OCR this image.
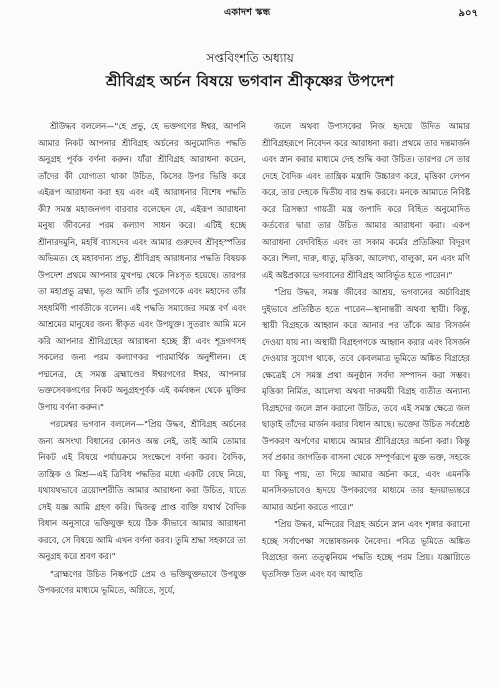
একাদশ স্কন্ধ	৯০৭
সপ্তবিংশতি অধ্যায়
শ্রীবিগ্রহ অর্চন বিষয়ে ভগবান শ্রীকৃষ্ণের উপদেশ

শ্রীউদ্ধব বললেন—"হে প্রভু, হে ভক্তগণের ঈশ্বর, আপনি আমার নিকট আপনার শ্রীবিগ্রহ অর্চনের অনুমোদিত পদ্ধতি অনুগ্রহ পূর্বক বর্ণনা করুন। যাঁরা শ্রীবিগ্রহ আরাধনা করেন, তাঁদের কী যোগ্যতা থাকা উচিত, কিসের উপর ভিত্তি করে এইরূপ আরাধনা করা হয় এবং এই আরাধনার বিশেষ পদ্ধতি কী? সমস্ত মহাজনগণ বারবার বলেছেন যে, এইরূপ আরাধনা মনুষ্য জীবনের পরম কল্যাণ সাধন করে। এটিই হচ্ছে শ্রীনারদমুনি, মহর্ষি ব্যাসদেব এবং আমার গুরুদেব শ্রীবৃহস্পতির অভিমত। হে মহাবদান্য প্রভু, শ্রীবিগ্রহ আরাধনার পদ্ধতি বিষয়ক উপদেশ প্রথমে আপনার মুখপদ্ম থেকে নিঃসৃত হয়েছে। তারপর তা মহাপ্রভু ব্রহ্মা, ভৃগু আদি তাঁর পুত্রগণকে এবং মহাদেব তাঁর সহধর্মিণী পার্বতীকে বলেন। এই পদ্ধতি সমাজের সমস্ত বর্ণ এবং আশ্রমের মানুষের জন্য স্বীকৃত এবং উপযুক্ত। সুতরাং আমি মনে করি আপনার শ্রীবিগ্রহের আরাধনা হচ্ছে স্ত্রী এবং শূদ্রগণসহ সকলের জন্য পরম কল্যাণকর পারমার্থিক অনুশীলন। হে পদ্মনেত্র, হে সমস্ত ব্রহ্মাণ্ডের ঈশ্বরগণের ঈশ্বর, আপনার ভক্তসেবকগণের নিকট অনুগ্রহপূর্বক এই কর্মবন্ধন থেকে মুক্তির উপায় বর্ণনা করুন।"

পরমেশ্বর ভগবান বললেন—"প্রিয় উদ্ধব, শ্রীবিগ্রহ অর্চনের জন্য অসংখ্য বিধানের কোনও অন্ত নেই, তাই আমি তোমার নিকট এই বিষয়ে পর্যায়ক্রমে সংক্ষেপে বর্ণনা করব। বৈদিক, তান্ত্রিক ও মিশ্র—এই ত্রিবিধ পদ্ধতির মধ্যে একটি বেছে নিয়ে, যথাযথভাবে ত্রয়োদশরীতি আমার আরাধনা করা উচিত, যাতে সেই যজ্ঞ আমি গ্রহণ করি। দ্বিজত্ব প্রাপ্ত ব্যক্তি যথার্থ বৈদিক বিধান অনুসারে ভক্তিযুক্ত হয়ে ঠিক কীভাবে আমার আরাধনা করবে, সে বিষয়ে আমি এখন বর্ণনা করব। তুমি শ্রদ্ধা সহকারে তা অনুগ্রহ করে শ্রবণ কর।"

"ব্রাহ্মণের উচিত নিষ্কপটে প্রেম ও ভক্তিযুক্তভাবে উপযুক্ত উপকরণের মাধ্যমে ভূমিতে, অগ্নিতে, সূর্যে,

জলে অথবা উপাসকের নিজ হৃদয়ে উদিত আমার শ্রীবিগ্রহরূপে নিবেদন করে আরাধনা করা। প্রথমে তার দন্তমার্জন এবং স্নান করার মাধ্যমে দেহ শুদ্ধি করা উচিত। তারপর সে তার দেহে বৈদিক এবং তান্ত্রিক মন্ত্রাদি উচ্চারণ করে, মৃত্তিকা লেপন করে, তার দেহকে দ্বিতীয় বার শুদ্ধ করবে। মনকে আমাতে নিবিষ্ট করে ত্রিসন্ধ্যা গায়ত্রী মন্ত্র জপাদি করে বিহিত অনুমোদিত কর্তব্যের দ্বারা তার উচিত আমার আরাধনা করা। একপ আরাধনা বেদবিহিত এবং তা সকাম কর্মের প্রতিক্রিয়া বিদূরণ করে। শিলা, দারু, ধাতু, মৃত্তিকা, আলেখ্য, বালুকা, মন এবং মণি এই অষ্টপ্রকারে ভগবানের শ্রীবিগ্রহ আবির্ভূত হতে পারেন।"

"প্রিয় উদ্ধব, সমস্ত জীবের আশ্রয়, ভগবানের অর্চাবিগ্রহ দুইভাবে প্রতিষ্ঠিত হতে পারেন—স্থানান্তরী অথবা স্থায়ী। কিন্তু, স্থায়ী বিগ্রহকে আহ্বান করে আনার পর তাঁকে আর বিসর্জন দেওয়া যায় না। অস্থায়ী বিগ্রহগণকে আহ্বান করার এবং বিসর্জন দেওয়ার সুযোগ থাকে, তবে কেবলমাত্র ভূমিতে অঙ্কিত বিগ্রহের ক্ষেত্রেই সে সমস্ত প্রথা অনুষ্ঠান সর্বদা সম্পাদন করা সম্ভব। মৃত্তিকা নির্মিত, আলেখ্য অথবা দারুময়ী বিগ্রহ ব্যতীত অন্যান্য বিগ্রহদের জলে স্নান করানো উচিত, তবে এই সমস্ত ক্ষেত্রে জল ছাড়াই তাঁদের মার্জন করার বিধান আছে। ভক্তের উচিত সর্বশ্রেষ্ঠ উপকরণ অর্পণের মাধ্যমে আমার শ্রীবিগ্রহের অর্চনা করা। কিন্তু সর্ব প্রকার জাগতিক বাসনা থেকে সম্পূর্ণরূপে মুক্ত ভক্ত, সহজে যা কিছু পায়, তা দিয়ে আমার অর্চনা করে, এবং এমনকি মানসিকভাবেও হৃদয়ে উপকরণের মাধ্যমে তার হৃদয়াভ্যন্তরে আমার অর্চনা করতে পারে।"

"প্রিয় উদ্ধব, মন্দিরের বিগ্রহ অর্চনে স্নান এবং শৃঙ্গার করানো হচ্ছে সর্বাপেক্ষা সন্তোষজনক নৈবেদ্য। পবিত্র ভূমিতে অঙ্কিত বিগ্রহের জন্য তত্ত্বনিয়ম পদ্ধতি হচ্ছে পরম প্রিয়। যজ্ঞাগ্নিতে ঘৃতসিক্ত তিল এবং যব আহুতি
